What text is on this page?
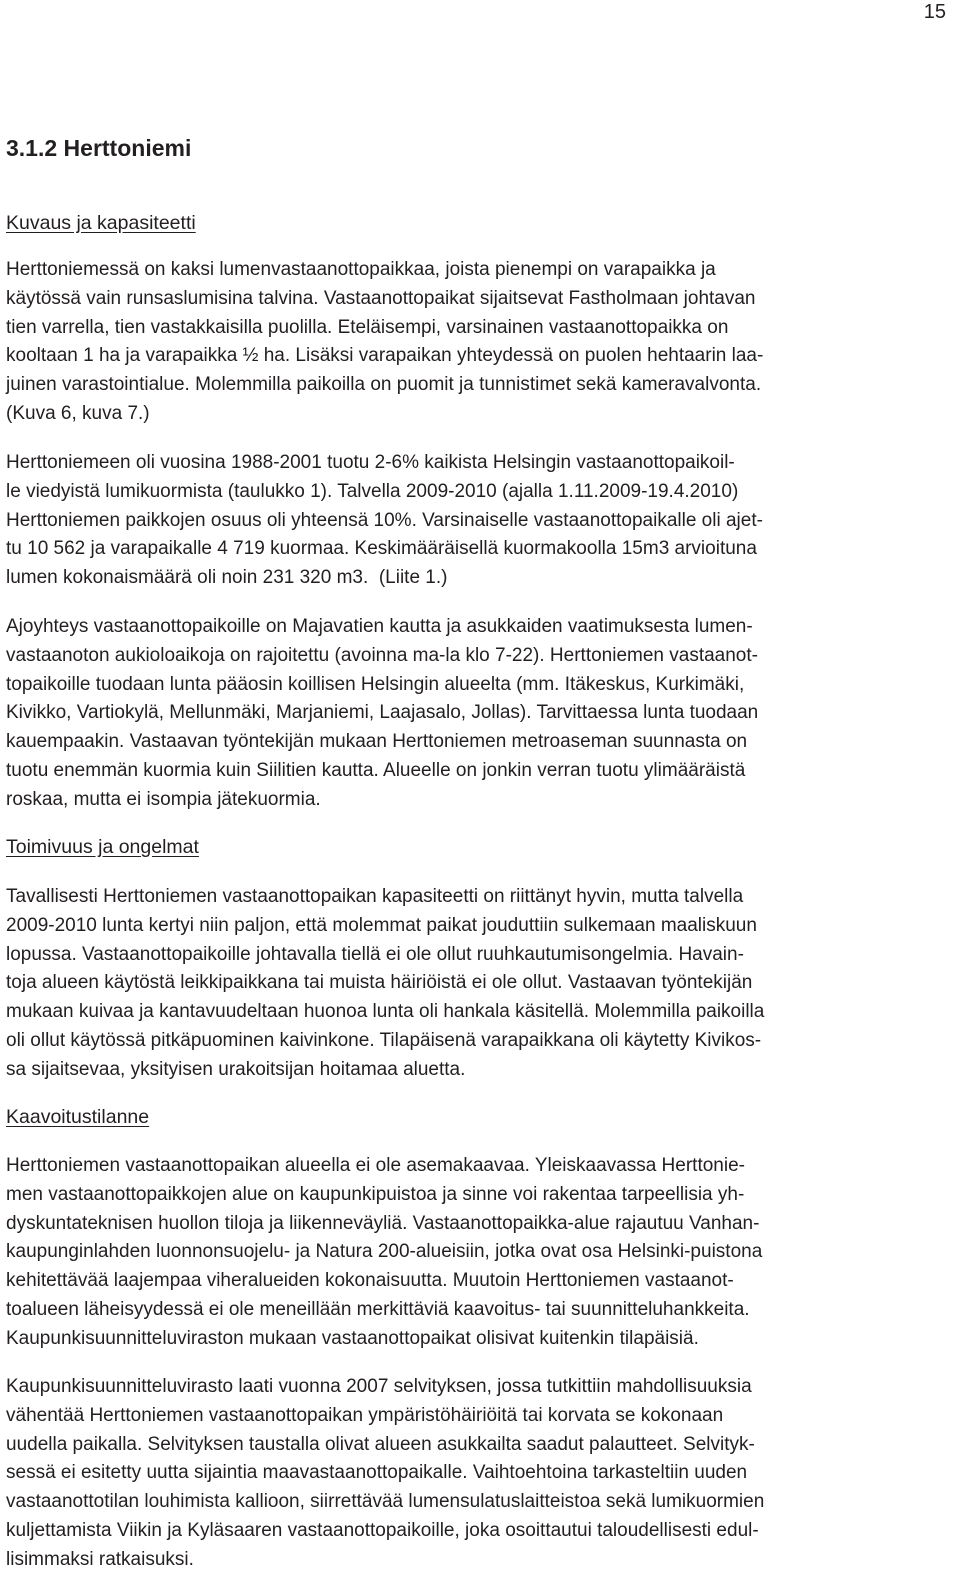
15
3.1.2 Herttoniemi
Kuvaus ja kapasiteetti

Herttoniemessä on kaksi lumenvastaanottopaikkaa, joista pienempi on varapaikka ja
käytössä vain runsaslumisina talvina. Vastaanottopaikat sijaitsevat Fastholmaan johtavan
tien varrella, tien vastakkaisilla puolilla. Eteläisempi, varsinainen vastaanottopaikka on
kooltaan 1 ha ja varapaikka ½ ha. Lisäksi varapaikan yhteydessä on puolen hehtaarin laa-
juinen varastointialue. Molemmilla paikoilla on puomit ja tunnistimet sekä kameravalvonta.
(Kuva 6, kuva 7.)

Herttoniemeen oli vuosina 1988-2001 tuotu 2-6% kaikista Helsingin vastaanottopaikoil-
le viedyistä lumikuormista (taulukko 1). Talvella 2009-2010 (ajalla 1.11.2009-19.4.2010)
Herttoniemen paikkojen osuus oli yhteensä 10%. Varsinaiselle vastaanottopaikalle oli ajet-
tu 10 562 ja varapaikalle 4 719 kuormaa. Keskimääräisellä kuormakoolla 15m3 arvioituna
lumen kokonaismäärä oli noin 231 320 m3.  (Liite 1.)

Ajoyhteys vastaanottopaikoille on Majavatien kautta ja asukkaiden vaatimuksesta lumen-
vastaanoton aukioloaikoja on rajoitettu (avoinna ma-la klo 7-22). Herttoniemen vastaanot-
topaikoille tuodaan lunta pääosin koillisen Helsingin alueelta (mm. Itäkeskus, Kurkimäki,
Kivikko, Vartiokylä, Mellunmäki, Marjaniemi, Laajasalo, Jollas). Tarvittaessa lunta tuodaan
kauempaakin. Vastaavan työntekijän mukaan Herttoniemen metroaseman suunnasta on
tuotu enemmän kuormia kuin Siilitien kautta. Alueelle on jonkin verran tuotu ylimääräistä
roskaa, mutta ei isompia jätekuormia.

Toimivuus ja ongelmat

Tavallisesti Herttoniemen vastaanottopaikan kapasiteetti on riittänyt hyvin, mutta talvella
2009-2010 lunta kertyi niin paljon, että molemmat paikat jouduttiin sulkemaan maaliskuun
lopussa. Vastaanottopaikoille johtavalla tiellä ei ole ollut ruuhkautumisongelmia. Havain-
toja alueen käytöstä leikkipaikkana tai muista häiriöistä ei ole ollut. Vastaavan työntekijän
mukaan kuivaa ja kantavuudeltaan huonoa lunta oli hankala käsitellä. Molemmilla paikoilla
oli ollut käytössä pitkäpuominen kaivinkone. Tilapäisenä varapaikkana oli käytetty Kivikos-
sa sijaitsevaa, yksityisen urakoitsijan hoitamaa aluetta.

Kaavoitustilanne

Herttoniemen vastaanottopaikan alueella ei ole asemakaavaa. Yleiskaavassa Herttonie-
men vastaanottopaikkojen alue on kaupunkipuistoa ja sinne voi rakentaa tarpeellisia yh-
dyskuntateknisen huollon tiloja ja liikenneväyliä. Vastaanottopaikka-alue rajautuu Vanhan-
kaupunginlahden luonnonsuojelu- ja Natura 200-alueisiin, jotka ovat osa Helsinki-puistona
kehitettävää laajempaa viheralueiden kokonaisuutta. Muutoin Herttoniemen vastaanot-
toalueen läheisyydessä ei ole meneillään merkittäviä kaavoitus- tai suunnitteluhankkeita.
Kaupunkisuunnitteluviraston mukaan vastaanottopaikat olisivat kuitenkin tilapäisiä.

Kaupunkisuunnitteluvirasto laati vuonna 2007 selvityksen, jossa tutkittiin mahdollisuuksia
vähentää Herttoniemen vastaanottopaikan ympäristöhäiriöitä tai korvata se kokonaan
uudella paikalla. Selvityksen taustalla olivat alueen asukkailta saadut palautteet. Selvityk-
sessä ei esitetty uutta sijaintia maavastaanottopaikalle. Vaihtoehtoina tarkasteltiin uuden
vastaanottotilan louhimista kallioon, siirrettävää lumensulatuslaitteistoa sekä lumikuormien
kuljettamista Viikin ja Kyläsaaren vastaanottopaikoille, joka osoittautui taloudellisesti edul-
lisimmaksi ratkaisuksi.
